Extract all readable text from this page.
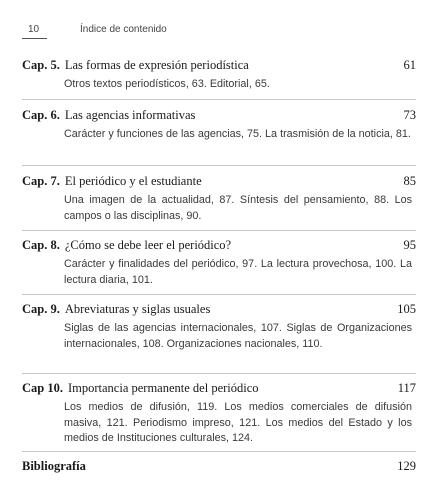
10	Índice de contenido
Cap. 5. Las formas de expresión periodística	61
Otros textos periodísticos, 63. Editorial, 65.
Cap. 6. Las agencias informativas	73
Carácter y funciones de las agencias, 75. La trasmisión de la noticia, 81.
Cap. 7. El periódico y el estudiante	85
Una imagen de la actualidad, 87. Síntesis del pensamiento, 88. Los campos o las disciplinas, 90.
Cap. 8. ¿Cómo se debe leer el periódico?	95
Carácter y finalidades del periódico, 97. La lectura provechosa, 100. La lectura diaria, 101.
Cap. 9. Abreviaturas y siglas usuales	105
Siglas de las agencias internacionales, 107. Siglas de Organizaciones internacionales, 108. Organizaciones nacionales, 110.
Cap 10. Importancia permanente del periódico	117
Los medios de difusión, 119. Los medios comerciales de difusión masiva, 121. Periodismo impreso, 121. Los medios del Estado y los medios de Instituciones culturales, 124.
Bibliografía	129
